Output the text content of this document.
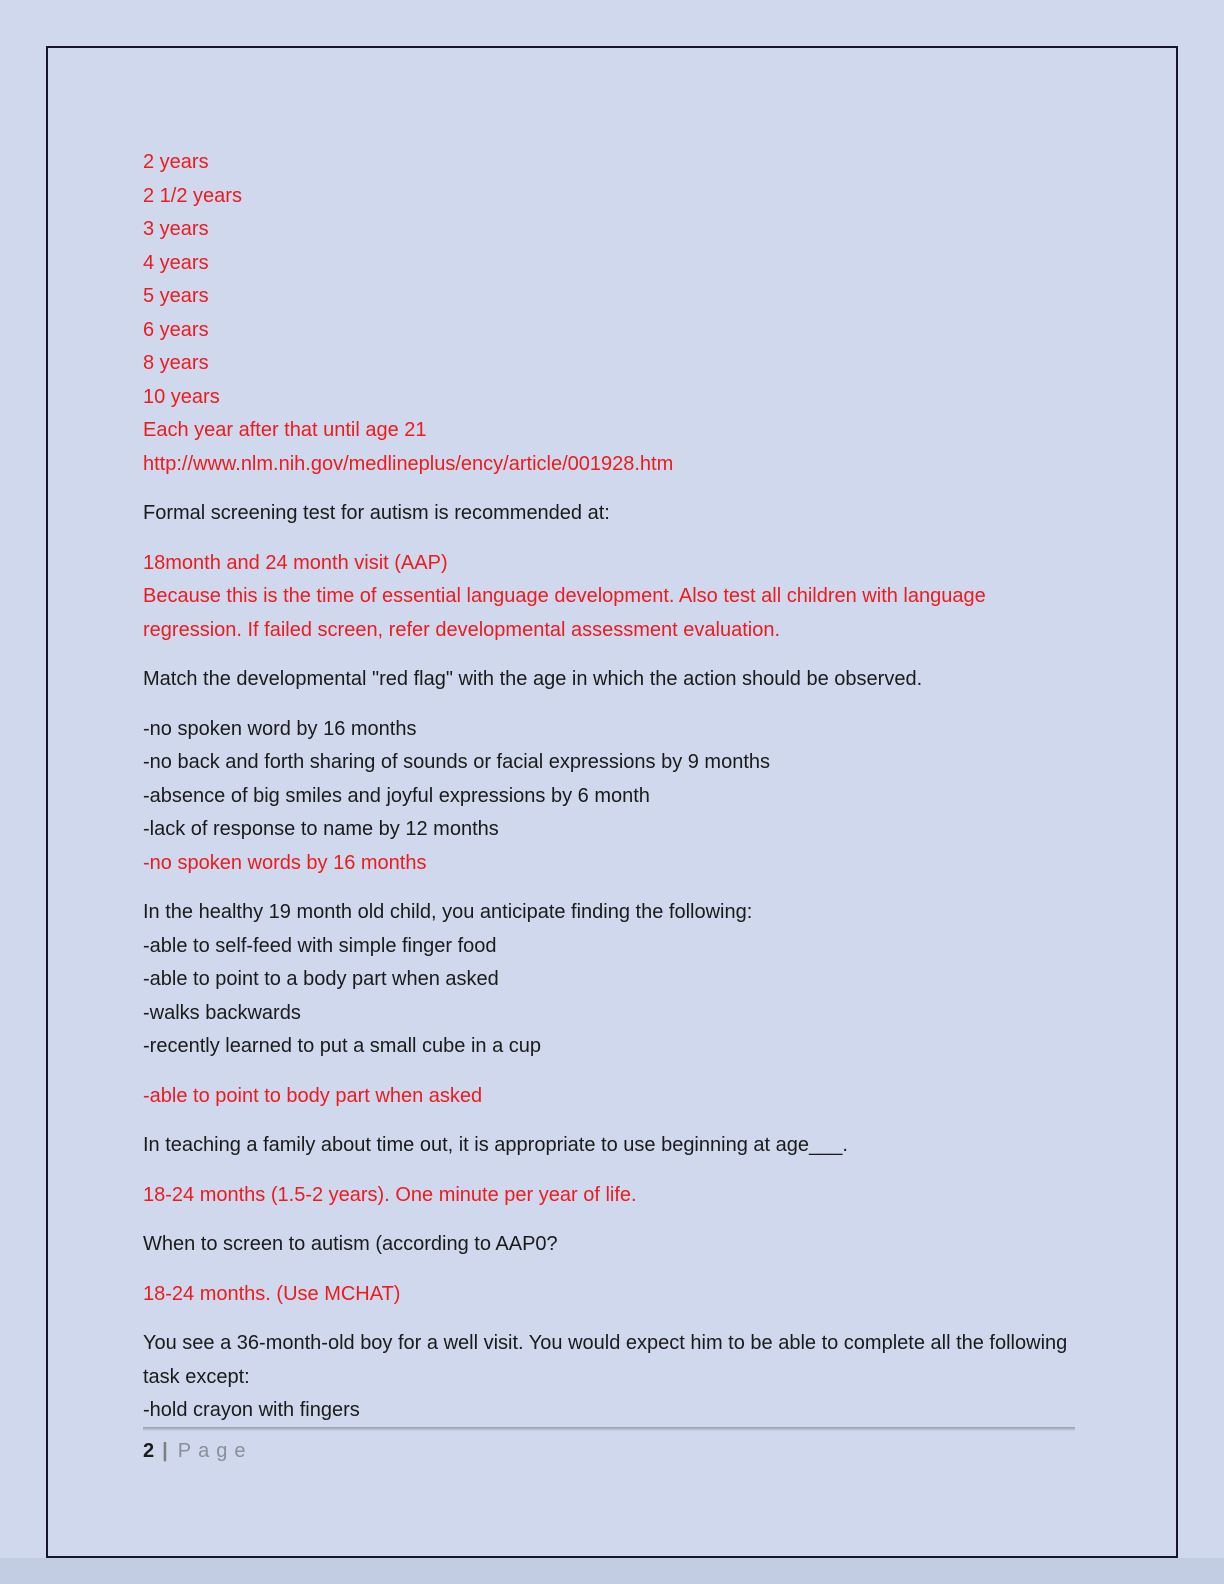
2 years
2 1/2 years
3 years
4 years
5 years
6 years
8 years
10 years
Each year after that until age 21
http://www.nlm.nih.gov/medlineplus/ency/article/001928.htm

Formal screening test for autism is recommended at:

18month and 24 month visit (AAP)
Because this is the time of essential language development. Also test all children with language regression. If failed screen, refer developmental assessment evaluation.

Match the developmental "red flag" with the age in which the action should be observed.

-no spoken word by 16 months
-no back and forth sharing of sounds or facial expressions by 9 months
-absence of big smiles and joyful expressions by 6 month
-lack of response to name by 12 months
-no spoken words by 16 months
In the healthy 19 month old child, you anticipate finding the following:
-able to self-feed with simple finger food
-able to point to a body part when asked
-walks backwards
-recently learned to put a small cube in a cup

-able to point to body part when asked

In teaching a family about time out, it is appropriate to use beginning at age___.

18-24 months (1.5-2 years). One minute per year of life.

When to screen to autism (according to AAP0?

18-24 months. (Use MCHAT)

You see a 36-month-old boy for a well visit. You would expect him to be able to complete all the following task except:
-hold crayon with fingers
2 | Page
